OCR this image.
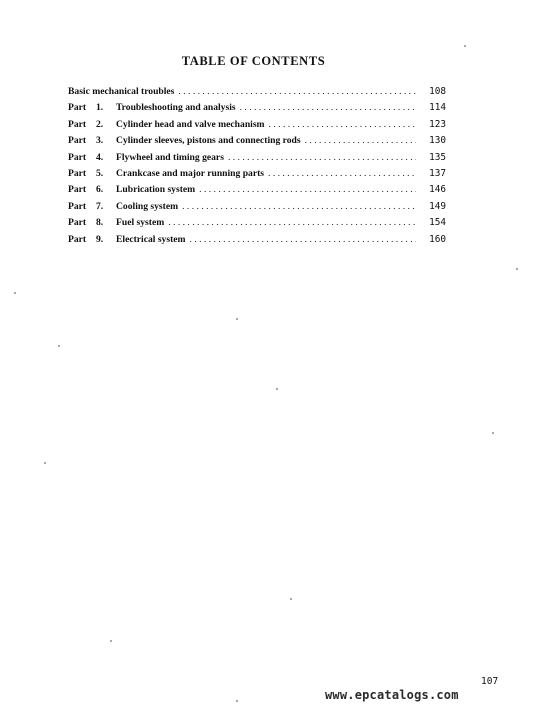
TABLE OF CONTENTS
Basic mechanical troubles . . .	108
Part	1.	Troubleshooting and analysis . . .	114
Part	2.	Cylinder head and valve mechanism . . .	123
Part	3.	Cylinder sleeves, pistons and connecting rods . . .	130
Part	4.	Flywheel and timing gears . . .	135
Part	5.	Crankcase and major running parts . . .	137
Part	6.	Lubrication system . . .	146
Part	7.	Cooling system . . .	149
Part	8.	Fuel system . . .	154
Part	9.	Electrical system . . .	160
107
www.epcatalogs.com
